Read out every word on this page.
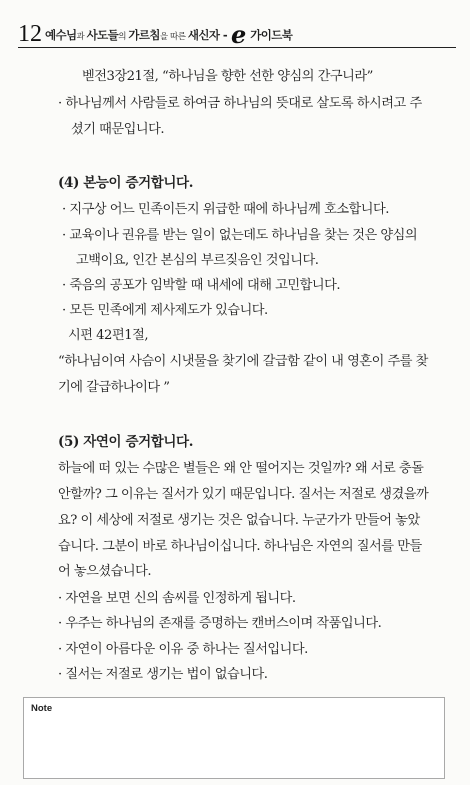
12 예수님과 사도들의 가르침을 따른 새신자 - e 가이드북
벧전3장21절, “하나님을 향한 선한 양심의 간구니라”
· 하나님께서 사람들로 하여금 하나님의 뜻대로 살도록 하시려고 주
셨기 때문입니다.
(4) 본능이 증거합니다.
· 지구상 어느 민족이든지 위급한 때에 하나님께 호소합니다.
· 교육이나 권유를 받는 일이 없는데도 하나님을 찾는 것은 양심의
고백이요, 인간 본심의 부르짖음인 것입니다.
· 죽음의 공포가 임박할 때 내세에 대해 고민합니다.
· 모든 민족에게 제사제도가 있습니다.
시편 42편1절,
“하나님이여 사슴이 시냇물을 찾기에 갈급함 같이 내 영혼이 주를 찾
기에 갈급하나이다 ”
(5) 자연이 증거합니다.
하늘에 떠 있는 수많은 별들은 왜 안 떨어지는 것일까? 왜 서로 충돌
안할까? 그 이유는 질서가 있기 때문입니다. 질서는 저절로 생겼을까
요? 이 세상에 저절로 생기는 것은 없습니다. 누군가가 만들어 놓았
습니다. 그분이 바로 하나님이십니다. 하나님은 자연의 질서를 만들
어 놓으셨습니다.
· 자연을 보면 신의 솜씨를 인정하게 됩니다.
· 우주는 하나님의 존재를 증명하는 캔버스이며 작품입니다.
· 자연이 아름다운 이유 중 하나는 질서입니다.
· 질서는 저절로 생기는 법이 없습니다.
Note
